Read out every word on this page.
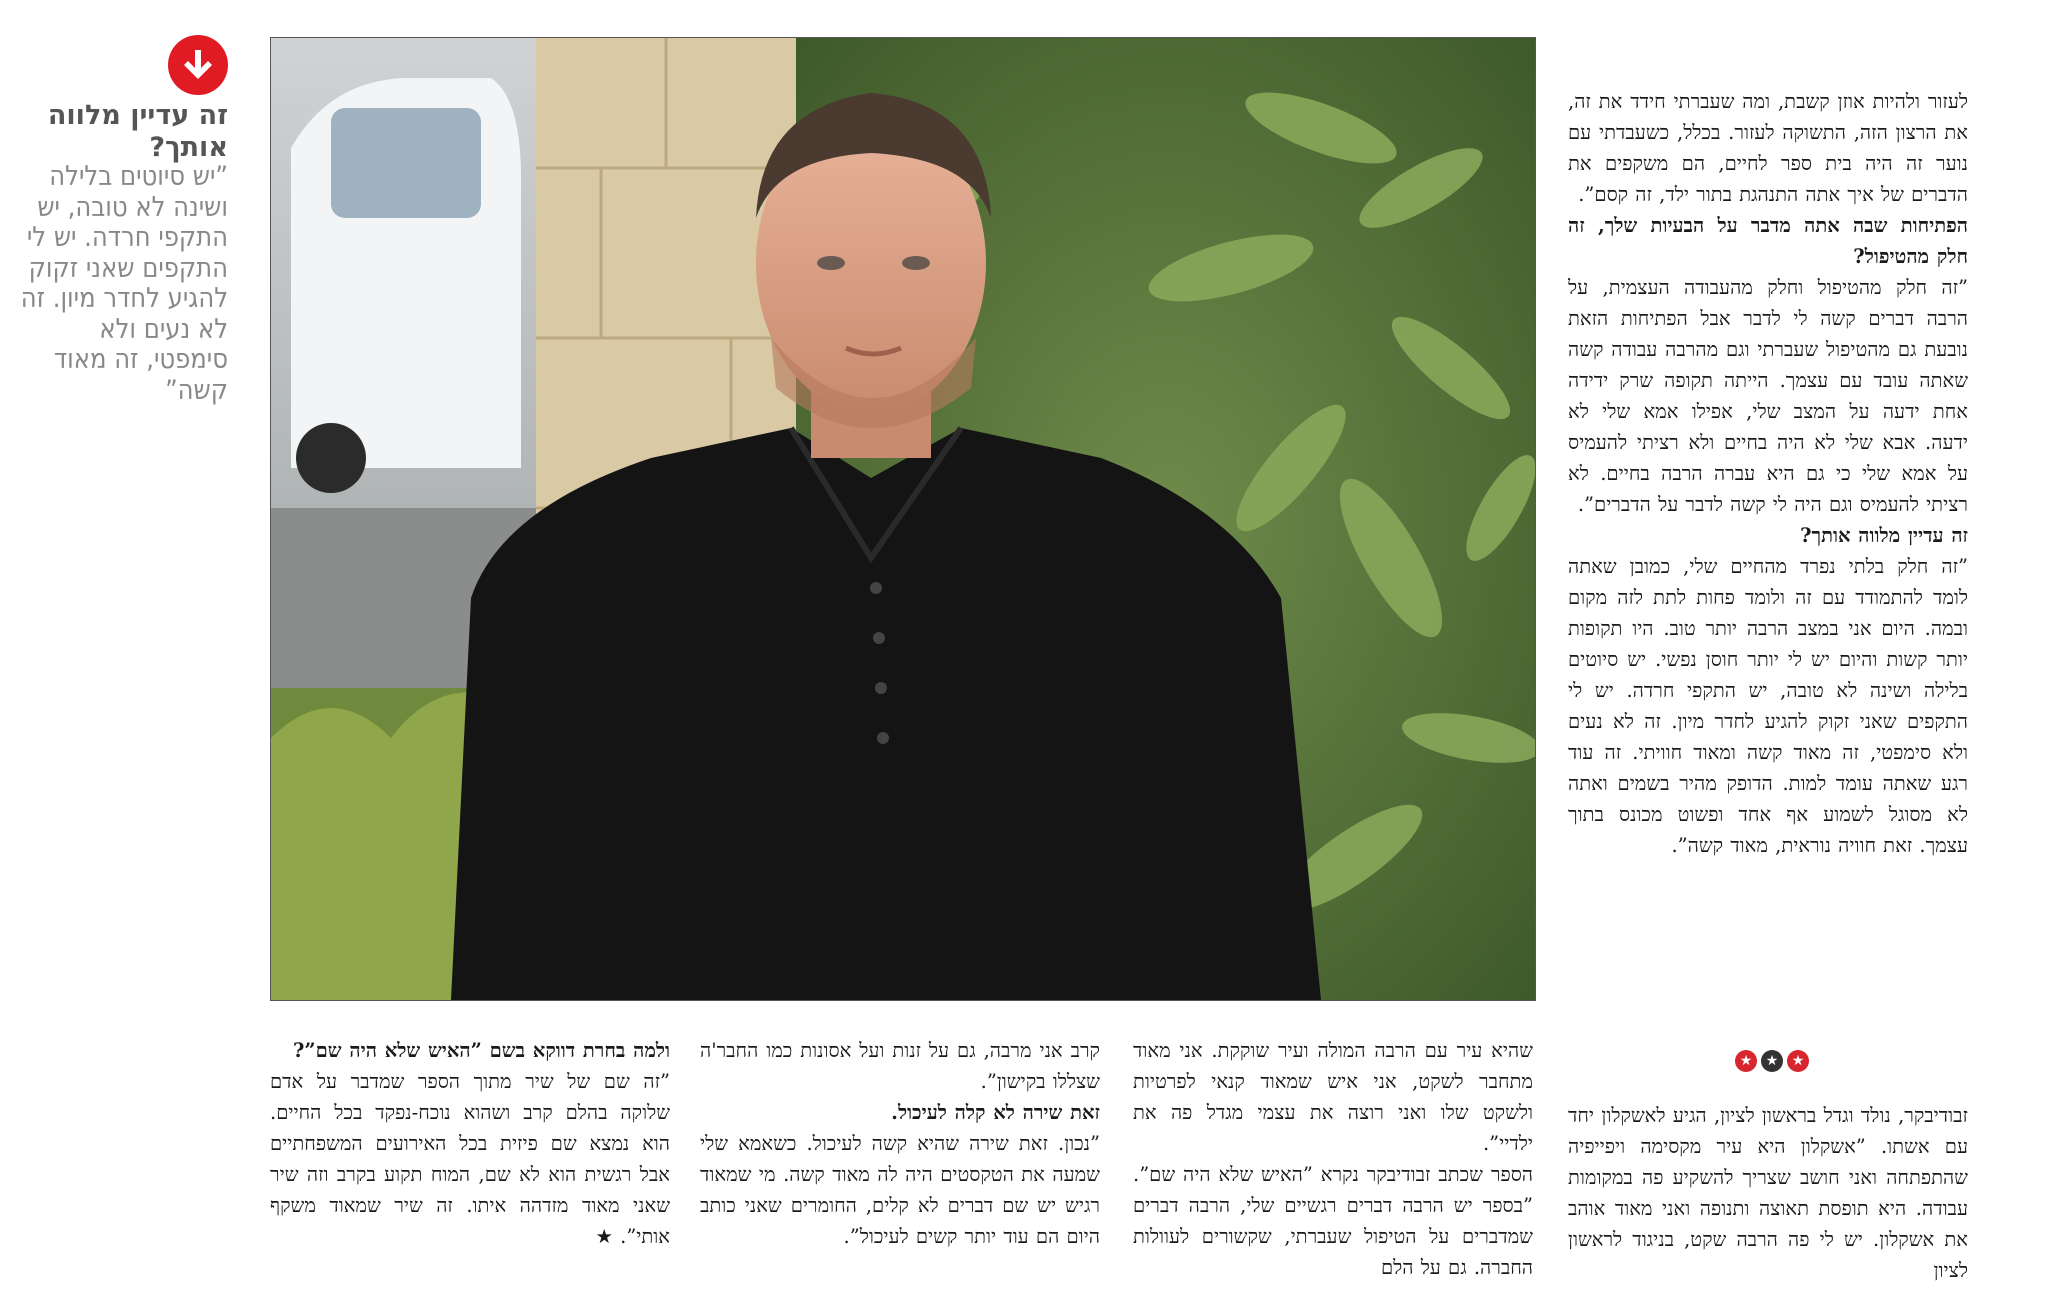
זה עדיין מלווה אותך?
”יש סיוטים בלילה ושינה לא טובה, יש התקפי חרדה. יש לי התקפים שאני זקוק להגיע לחדר מיון. זה לא נעים ולא סימפטי, זה מאוד קשה”

לעזור ולהיות אוזן קשבת, ומה שעברתי חידד את זה, את הרצון הזה, התשוקה לעזור. בכלל, כשעבדתי עם נוער זה היה בית ספר לחיים, הם משקפים את הדברים של איך אתה התנהגת בתור ילד, זה קסם”.

הפתיחות שבה אתה מדבר על הבעיות שלך, זה חלק מהטיפול?

”זה חלק מהטיפול וחלק מהעבודה העצמית, על הרבה דברים קשה לי לדבר אבל הפתיחות הזאת נובעת גם מהטיפול שעברתי וגם מהרבה עבודה קשה שאתה עובד עם עצמך. הייתה תקופה שרק ידידה אחת ידעה על המצב שלי, אפילו אמא שלי לא ידעה. אבא שלי לא היה בחיים ולא רציתי להעמיס על אמא שלי כי גם היא עברה הרבה בחיים. לא רציתי להעמיס וגם היה לי קשה לדבר על הדברים”.

זה עדיין מלווה אותך?

”זה חלק בלתי נפרד מהחיים שלי, כמובן שאתה לומד להתמודד עם זה ולומד פחות לתת לזה מקום ובמה. היום אני במצב הרבה יותר טוב. היו תקופות יותר קשות והיום יש לי יותר חוסן נפשי. יש סיוטים בלילה ושינה לא טובה, יש התקפי חרדה. יש לי התקפים שאני זקוק להגיע לחדר מיון. זה לא נעים ולא סימפטי, זה מאוד קשה ומאוד חוויתי. זה עוד רגע שאתה עומד למות. הדופק מהיר בשמים ואתה לא מסוגל לשמוע אף אחד ופשוט מכונס בתוך עצמך. זאת חוויה נוראית, מאוד קשה”.

★ ★ ★

זבודיבקר, נולד וגדל בראשון לציון, הגיע לאשקלון יחד עם אשתו. ”אשקלון היא עיר מקסימה ויפייפיה שהתפתחה ואני חושב שצריך להשקיע פה במקומות עבודה. היא תופסת תאוצה ותנופה ואני מאוד אוהב את אשקלון. יש לי פה הרבה שקט, בניגוד לראשון לציון

שהיא עיר עם הרבה המולה ועיר שוקקת. אני מאוד מתחבר לשקט, אני איש שמאוד קנאי לפרטיות ולשקט שלו ואני רוצה את עצמי מגדל פה את ילדיי”.

הספר שכתב זבודיבקר נקרא ”האיש שלא היה שם”. ”בספר יש הרבה דברים רגשיים שלי, הרבה דברים שמדברים על הטיפול שעברתי, שקשורים לעוולות החברה. גם על הלם

קרב אני מרבה, גם על זנות ועל אסונות כמו החבר'ה שצללו בקישון”.

זאת שירה לא קלה לעיכול.

”נכון. זאת שירה שהיא קשה לעיכול. כשאמא שלי שמעה את הטקסטים היה לה מאוד קשה. מי שמאוד רגיש יש שם דברים לא קלים, החומרים שאני כותב היום הם עוד יותר קשים לעיכול”.

ולמה בחרת דווקא בשם ”האיש שלא היה שם”?

”זה שם של שיר מתוך הספר שמדבר על אדם שלוקה בהלם קרב ושהוא נוכח-נפקד בכל החיים. הוא נמצא שם פיזית בכל האירועים המשפחתיים אבל רגשית הוא לא שם, המוח תקוע בקרב וזה שיר שאני מאוד מזדהה איתו. זה שיר שמאוד משקף אותי”. ★
